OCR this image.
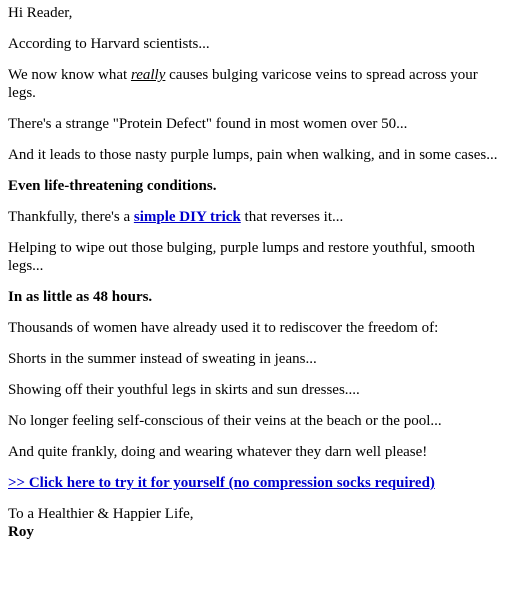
Hi Reader,

According to Harvard scientists...

We now know what really causes bulging varicose veins to spread across your legs.

There's a strange "Protein Defect" found in most women over 50...

And it leads to those nasty purple lumps, pain when walking, and in some cases...

Even life-threatening conditions.

Thankfully, there's a simple DIY trick that reverses it...

Helping to wipe out those bulging, purple lumps and restore youthful, smooth legs...

In as little as 48 hours.

Thousands of women have already used it to rediscover the freedom of:

Shorts in the summer instead of sweating in jeans...

Showing off their youthful legs in skirts and sun dresses....

No longer feeling self-conscious of their veins at the beach or the pool...

And quite frankly, doing and wearing whatever they darn well please!

>> Click here to try it for yourself (no compression socks required)

To a Healthier & Happier Life,

Roy
